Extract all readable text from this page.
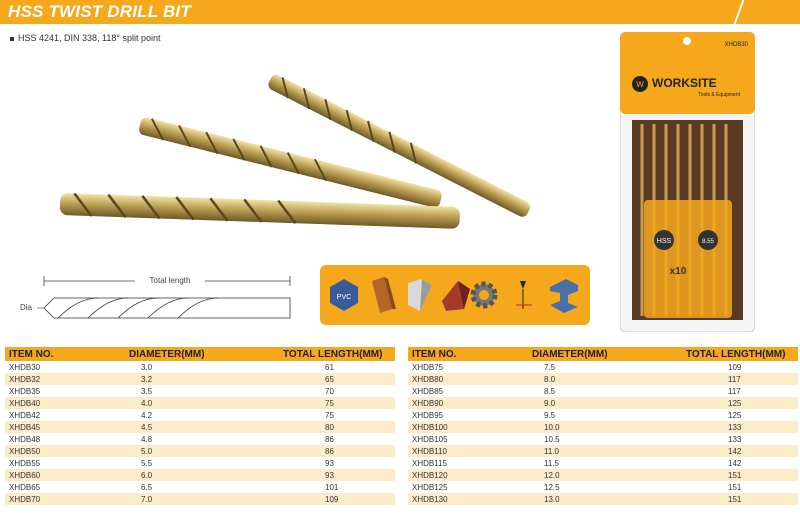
HSS TWIST DRILL BIT
HSS 4241, DIN 338, 118° split point
Total length
Dia
PVC
XHDB30
W WORKSITE
Tools & Equipment
HSS	8.55
x10
ITEM NO.	DIAMETER(MM)	TOTAL LENGTH(MM)
XHDB30	3.0	61
XHDB32	3.2	65
XHDB35	3.5	70
XHDB40	4.0	75
XHDB42	4.2	75
XHDB45	4.5	80
XHDB48	4.8	86
XHDB50	5.0	86
XHDB55	5.5	93
XHDB60	6.0	93
XHDB65	6.5	101
XHDB70	7.0	109
ITEM NO.	DIAMETER(MM)	TOTAL LENGTH(MM)
XHDB75	7.5	109
XHDB80	8.0	117
XHDB85	8.5	117
XHDB90	9.0	125
XHDB95	9.5	125
XHDB100	10.0	133
XHDB105	10.5	133
XHDB110	11.0	142
XHDB115	11.5	142
XHDB120	12.0	151
XHDB125	12.5	151
XHDB130	13.0	151
